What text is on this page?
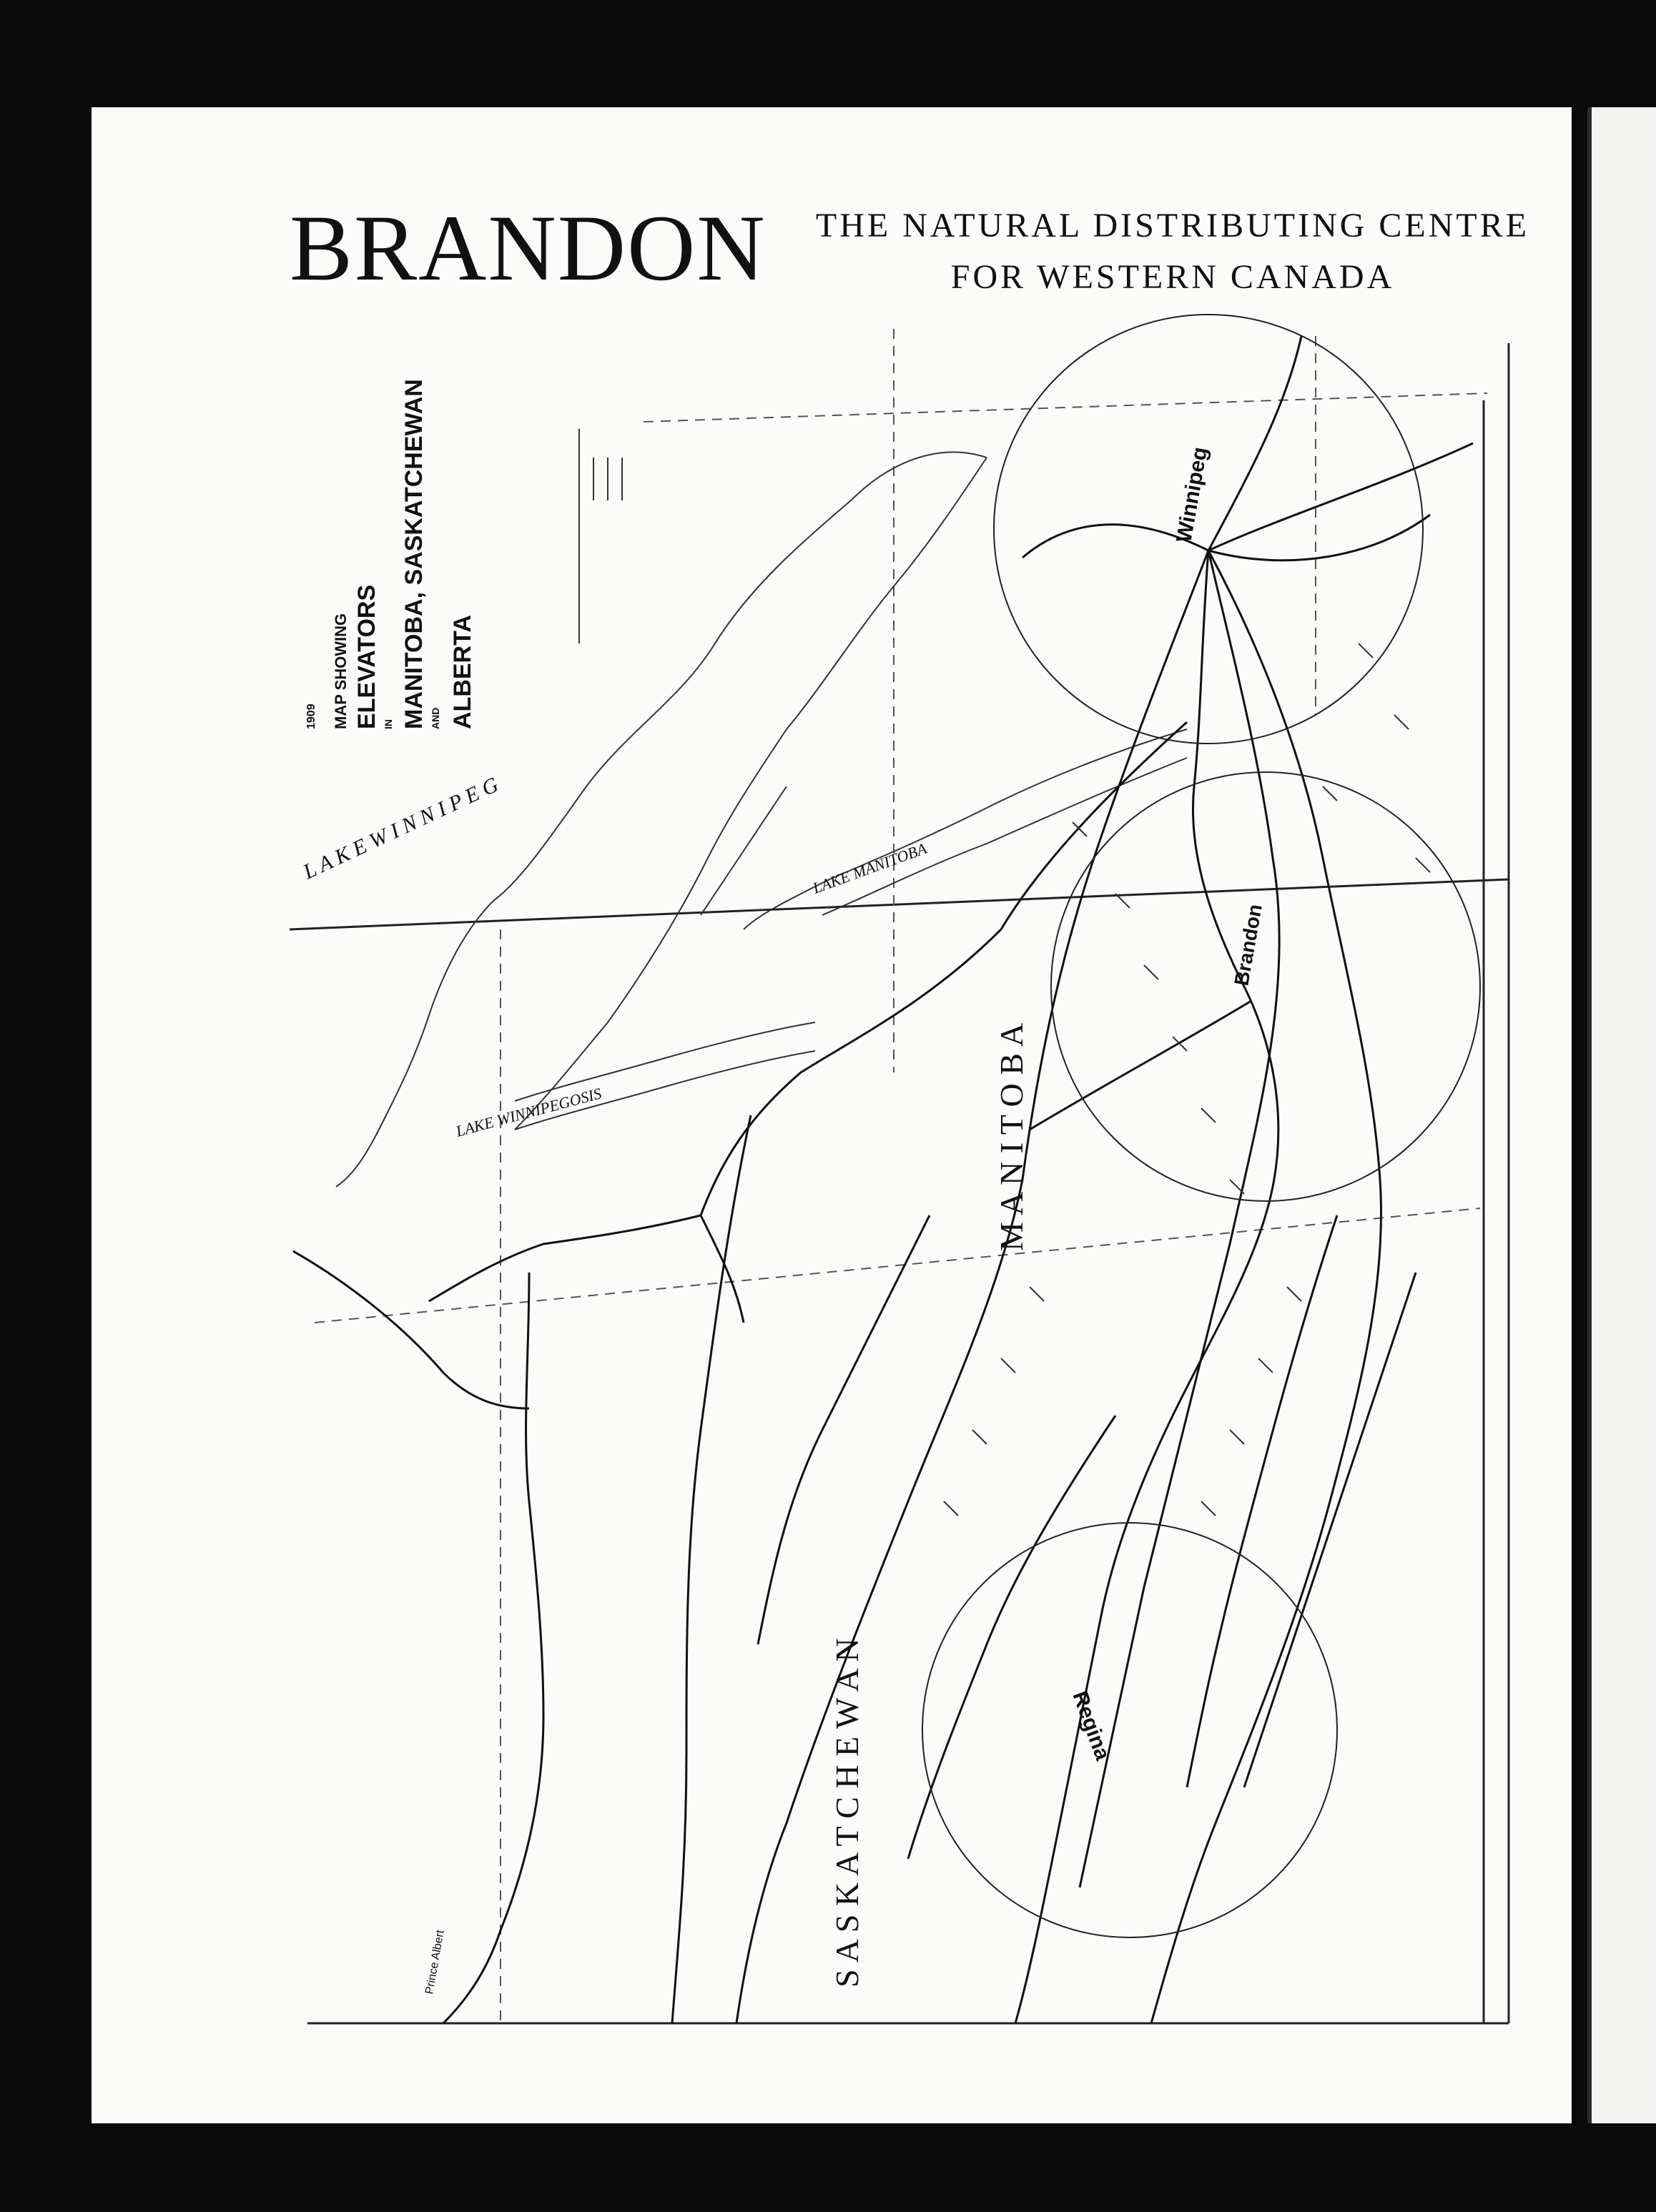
BRANDON	THE NATURAL DISTRIBUTING CENTRE
FOR WESTERN CANADA
1909 MAP SHOWING ELEVATORS IN MANITOBA, SASKATCHEWAN AND ALBERTA
Winnipeg
Brandon
Regina
Prince Albert
L A K E W I N N I P E G	LAKE MANITOBA
LAKE WINNIPEGOSIS	M A N I T O B A
S A S K A T C H E W A N
